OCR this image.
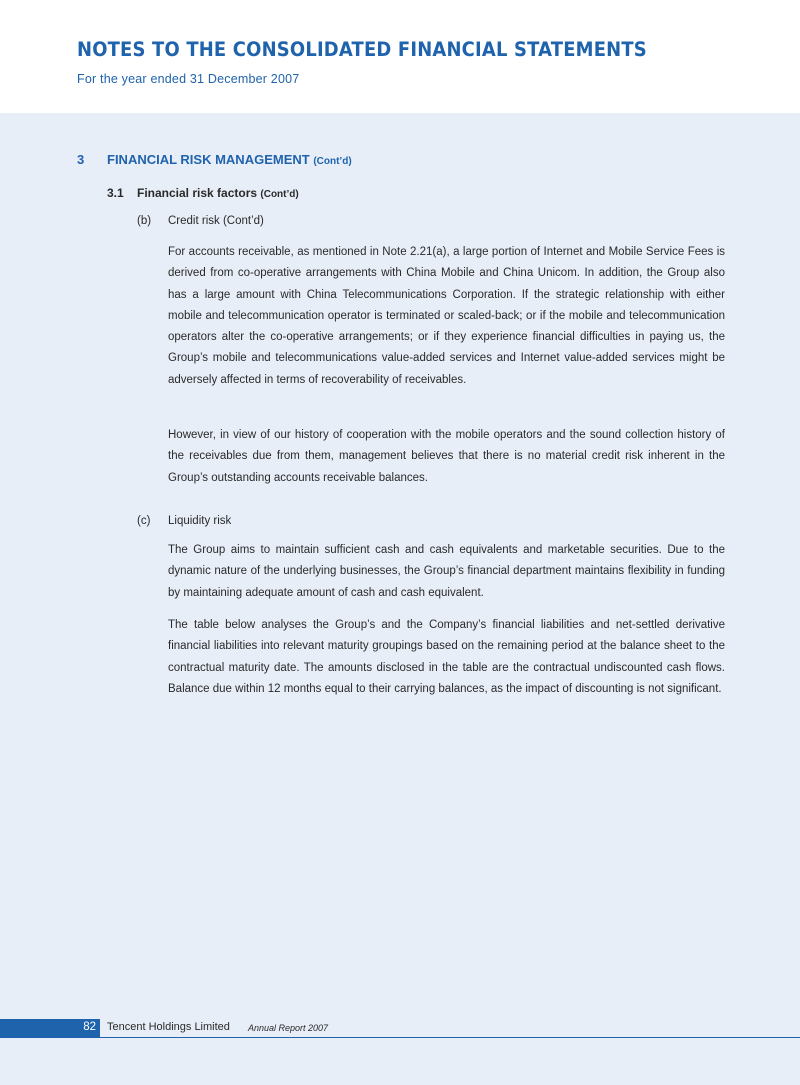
NOTES TO THE CONSOLIDATED FINANCIAL STATEMENTS
For the year ended 31 December 2007
3 FINANCIAL RISK MANAGEMENT (Cont’d)
3.1 Financial risk factors (Cont’d)
(b) Credit risk (Cont’d)

For accounts receivable, as mentioned in Note 2.21(a), a large portion of Internet and Mobile Service Fees is derived from co-operative arrangements with China Mobile and China Unicom. In addition, the Group also has a large amount with China Telecommunications Corporation. If the strategic relationship with either mobile and telecommunication operator is terminated or scaled-back; or if the mobile and telecommunication operators alter the co-operative arrangements; or if they experience financial difficulties in paying us, the Group’s mobile and telecommunications value-added services and Internet value-added services might be adversely affected in terms of recoverability of receivables.

However, in view of our history of cooperation with the mobile operators and the sound collection history of the receivables due from them, management believes that there is no material credit risk inherent in the Group’s outstanding accounts receivable balances.

(c) Liquidity risk

The Group aims to maintain sufficient cash and cash equivalents and marketable securities. Due to the dynamic nature of the underlying businesses, the Group’s financial department maintains flexibility in funding by maintaining adequate amount of cash and cash equivalent.

The table below analyses the Group’s and the Company’s financial liabilities and net-settled derivative financial liabilities into relevant maturity groupings based on the remaining period at the balance sheet to the contractual maturity date. The amounts disclosed in the table are the contractual undiscounted cash flows. Balance due within 12 months equal to their carrying balances, as the impact of discounting is not significant.

82 Tencent Holdings Limited Annual Report 2007
